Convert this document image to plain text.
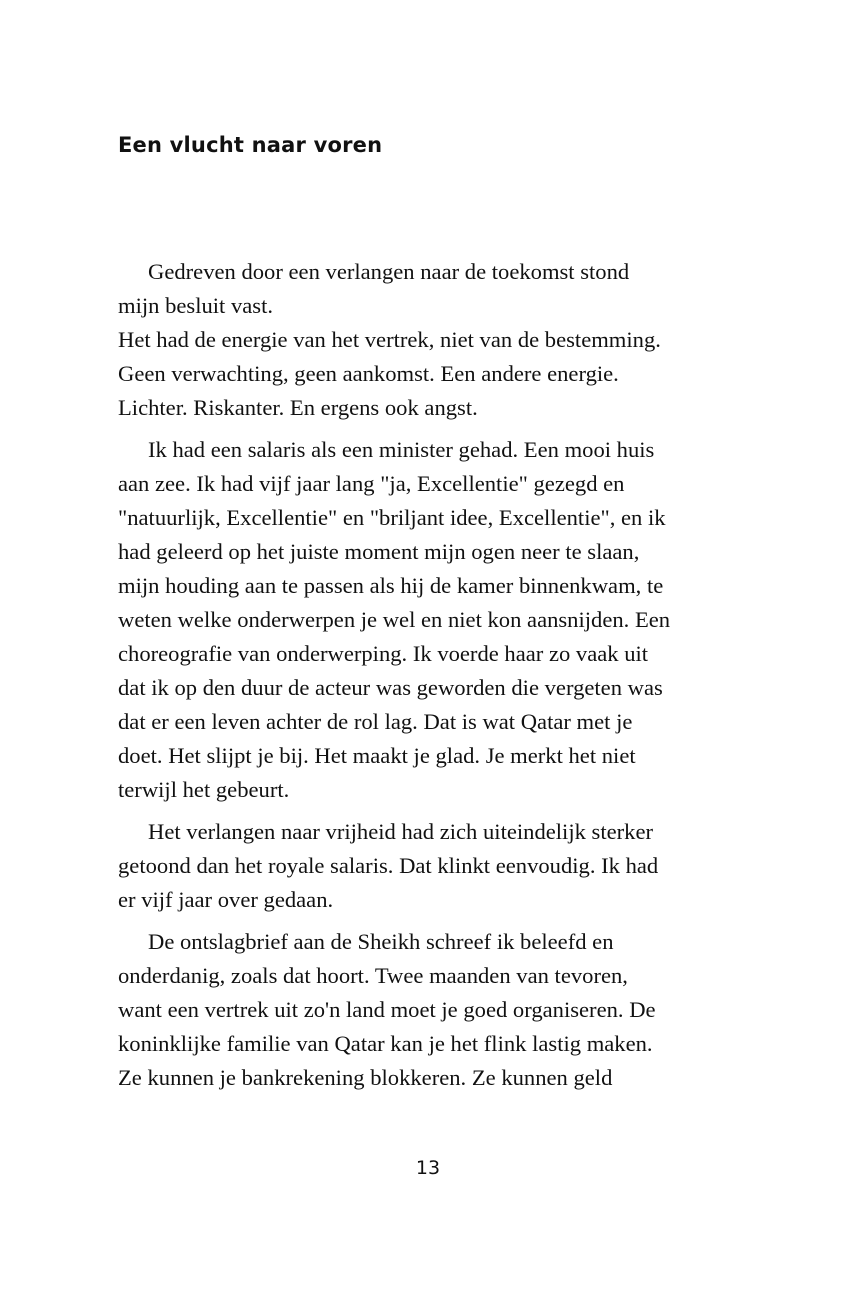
Een vlucht naar voren

Gedreven door een verlangen naar de toekomst stond
mijn besluit vast.

Het had de energie van het vertrek, niet van de bestemming.
Geen verwachting, geen aankomst. Een andere energie.
Lichter. Riskanter. En ergens ook angst.

Ik had een salaris als een minister gehad. Een mooi huis
aan zee. Ik had vijf jaar lang "ja, Excellentie" gezegd en
"natuurlijk, Excellentie" en "briljant idee, Excellentie", en ik
had geleerd op het juiste moment mijn ogen neer te slaan,
mijn houding aan te passen als hij de kamer binnenkwam, te
weten welke onderwerpen je wel en niet kon aansnijden. Een
choreografie van onderwerping. Ik voerde haar zo vaak uit
dat ik op den duur de acteur was geworden die vergeten was
dat er een leven achter de rol lag. Dat is wat Qatar met je
doet. Het slijpt je bij. Het maakt je glad. Je merkt het niet
terwijl het gebeurt.

Het verlangen naar vrijheid had zich uiteindelijk sterker
getoond dan het royale salaris. Dat klinkt eenvoudig. Ik had
er vijf jaar over gedaan.

De ontslagbrief aan de Sheikh schreef ik beleefd en
onderdanig, zoals dat hoort. Twee maanden van tevoren,
want een vertrek uit zo'n land moet je goed organiseren. De
koninklijke familie van Qatar kan je het flink lastig maken.
Ze kunnen je bankrekening blokkeren. Ze kunnen geld

13
